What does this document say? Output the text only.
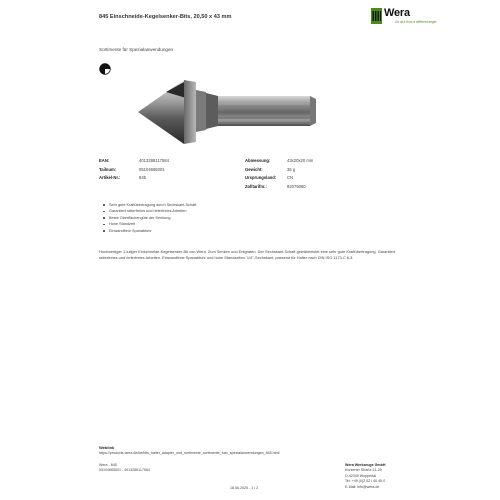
845 Einschneide-Kegelsenker-Bits, 20,50 x 43 mm	Wera
Go at it from a different angle.
Sortimente für Spezialanwendungen
EAN:	4013288117584
Tailnum:	05104665001
Artikel-Nr.:	845
Abmessung:	43x20x20 mm
Gewicht:	36 g
Ursprungsland:	CN
Zolltarifnr.:	82075060
Sehr gute Kraftübertragung durch Sechskant-Schaft
Garantiert ratterfreies und rieferfreies Arbeiten
Beste Oberflächengüte der Senkung
Hohe Standzeit
Einwandfreie Spanabfuhr

Hochwertiger 1-lutiger Einschneide-Kegelsenker-Bit von Wera. Zum Senken und Entgraten. Der Sechskant-Schaft gewährleistet eine sehr gute Kraftübertragung. Garantiert ratterfreies und rieferfreies Arbeiten. Einwandfreie Spanabfuhr und hohe Standzeiten. 1/4"-Sechskant, passend für Halter nach DIN ISO 1173-C 6,3.

Weblink
https://products.wera.de/de/bits_halter_adapter_und_sortimente_sortimente_fuer_spezialanwendungen_845.html
Wera - 845
05104665001 - 4013288117584
Wera Werkzeuge GmbH
Korzerter Straße 21-25
D-42349 Wuppertal
Tel: +49 (0)2 02 / 40 45-0
E-Mail: info@wera.de
18.06.2025 - 1 / 2
